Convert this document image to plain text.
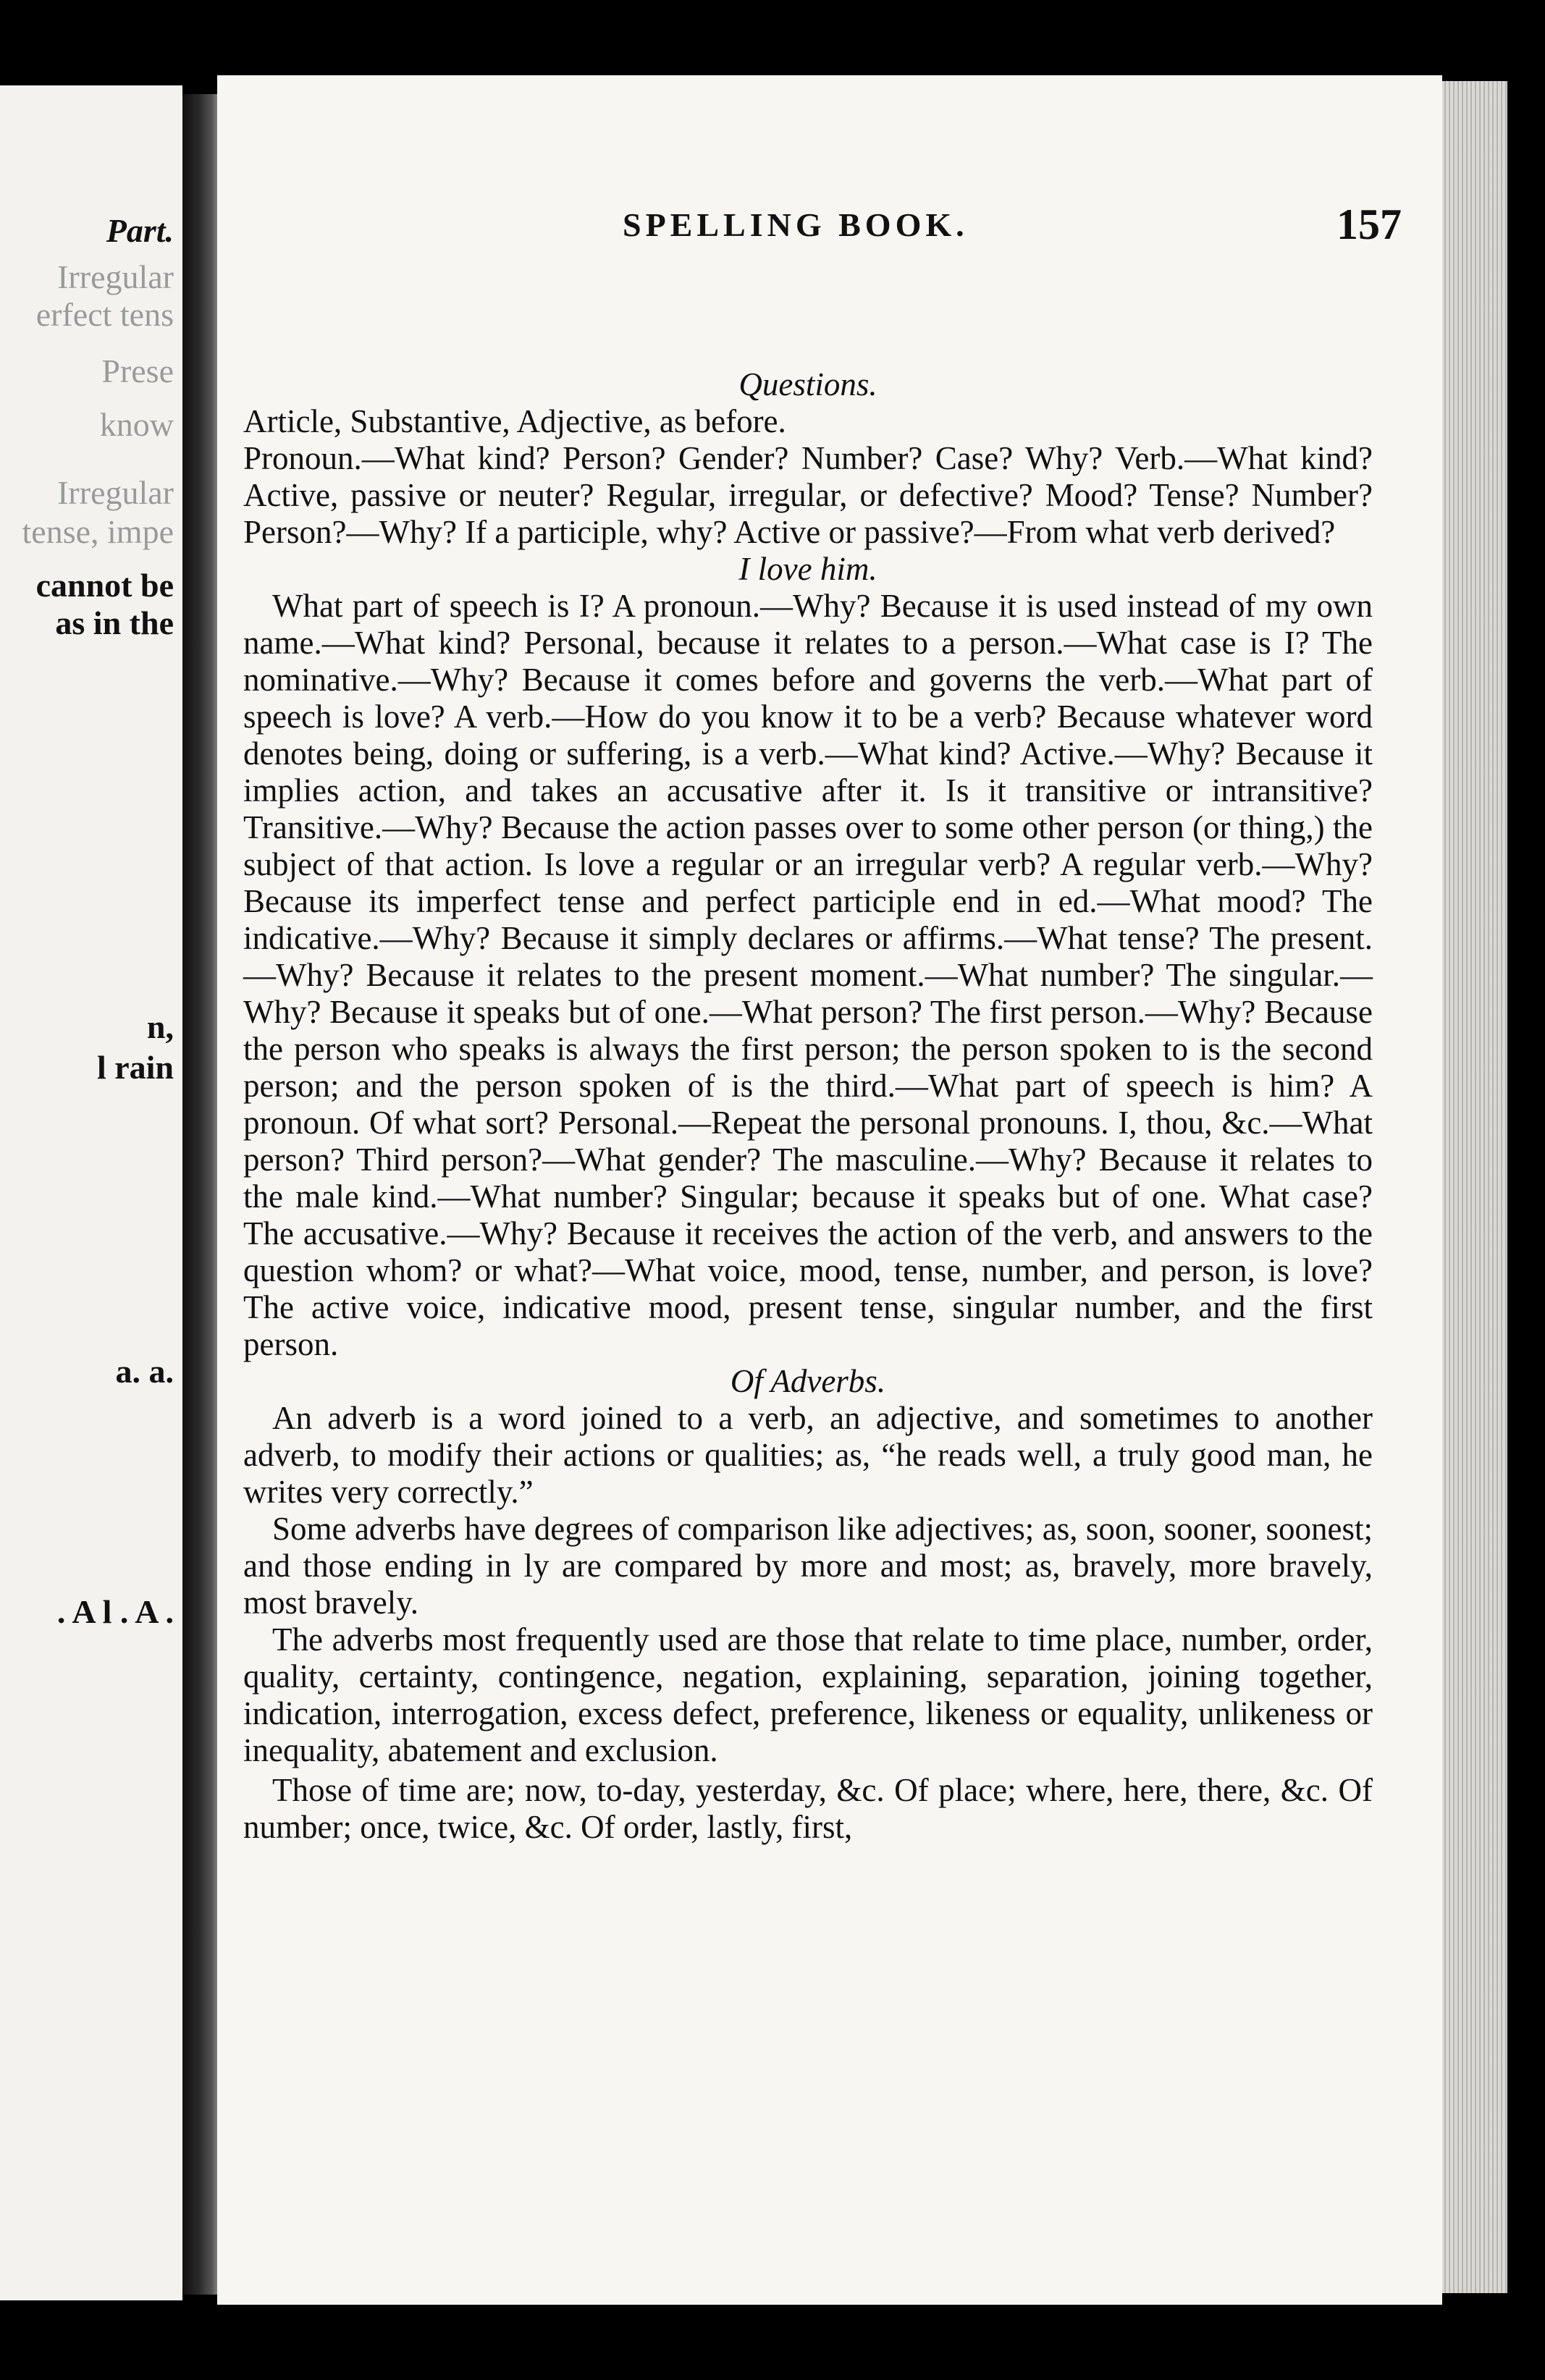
Part.
Irregular
erfect tens
Prese
know
Irregular
tense, impe
cannot be
as in the
n,
l rain
a. a.
. A l . A .
SPELLING BOOK.	157

Questions.

Article, Substantive, Adjective, as before.

Pronoun.—What kind? Person? Gender? Number? Case? Why? Verb.—What kind? Active, passive or neuter? Regular, irregular, or defective? Mood? Tense? Number? Person?—Why? If a participle, why? Active or passive?—From what verb derived?

I love him.

What part of speech is I? A pronoun.—Why? Because it is used instead of my own name.—What kind? Personal, because it relates to a person.—What case is I? The nominative.—Why? Because it comes before and governs the verb.—What part of speech is love? A verb.—How do you know it to be a verb? Because whatever word denotes being, doing or suffering, is a verb.—What kind? Active.—Why? Because it implies action, and takes an accusative after it. Is it transitive or intransitive? Transitive.—Why? Because the action passes over to some other person (or thing,) the subject of that action. Is love a regular or an irregular verb? A regular verb.—Why? Because its imperfect tense and perfect participle end in ed.—What mood? The indicative.—Why? Because it simply declares or affirms.—What tense? The present.—Why? Because it relates to the present moment.—What number? The singular.—Why? Because it speaks but of one.—What person? The first person.—Why? Because the person who speaks is always the first person; the person spoken to is the second person; and the person spoken of is the third.—What part of speech is him? A pronoun. Of what sort? Personal.—Repeat the personal pronouns. I, thou, &c.—What person? Third person?—What gender? The masculine.—Why? Because it relates to the male kind.—What number? Singular; because it speaks but of one. What case? The accusative.—Why? Because it receives the action of the verb, and answers to the question whom? or what?—What voice, mood, tense, number, and person, is love? The active voice, indicative mood, present tense, singular number, and the first person.

Of Adverbs.

An adverb is a word joined to a verb, an adjective, and sometimes to another adverb, to modify their actions or qualities; as, “he reads well, a truly good man, he writes very correctly.”

Some adverbs have degrees of comparison like adjectives; as, soon, sooner, soonest; and those ending in ly are compared by more and most; as, bravely, more bravely, most bravely.

The adverbs most frequently used are those that relate to time place, number, order, quality, certainty, contingence, negation, explaining, separation, joining together, indication, interrogation, excess defect, preference, likeness or equality, unlikeness or inequality, abatement and exclusion.

Those of time are; now, to-day, yesterday, &c. Of place; where, here, there, &c. Of number; once, twice, &c. Of order, lastly, first,
